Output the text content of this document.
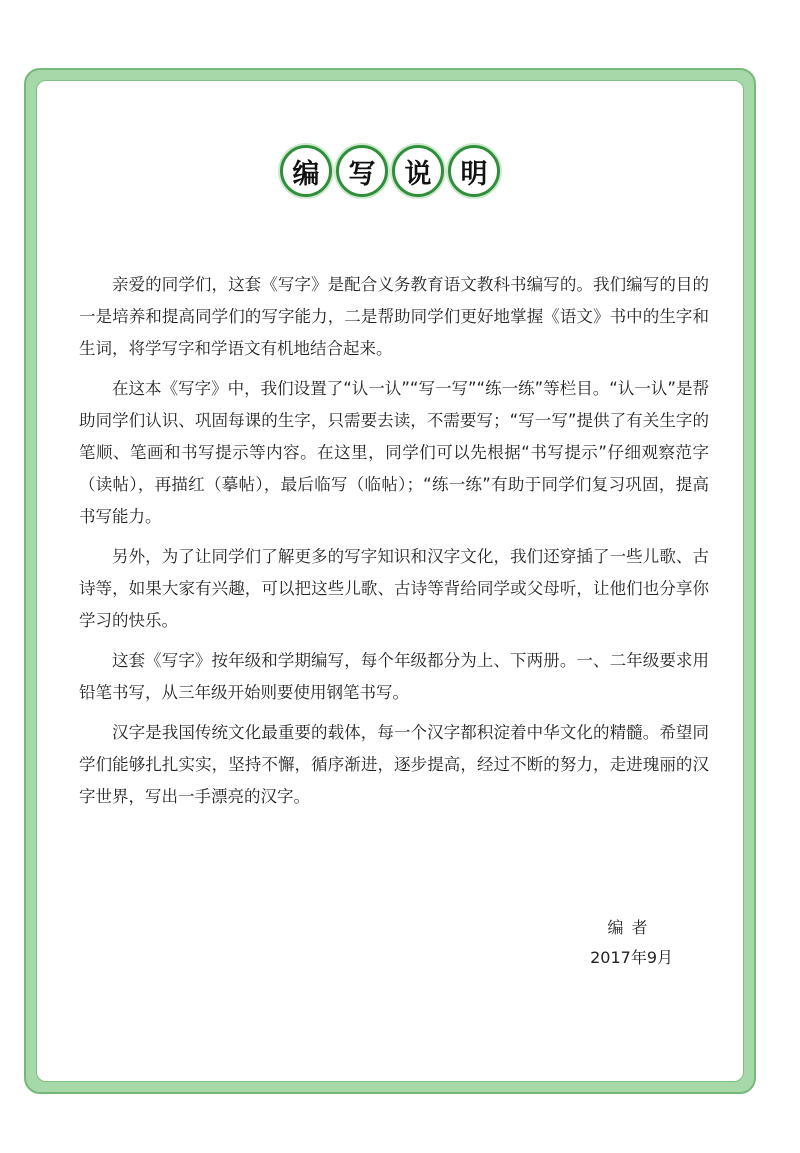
编	写	说	明

亲爱的同学们，这套《写字》是配合义务教育语文教科书编写的。我们编写的目的一是培养和提高同学们的写字能力，二是帮助同学们更好地掌握《语文》书中的生字和生词，将学写字和学语文有机地结合起来。

在这本《写字》中，我们设置了“认一认”“写一写”“练一练”等栏目。“认一认”是帮助同学们认识、巩固每课的生字，只需要去读，不需要写；“写一写”提供了有关生字的笔顺、笔画和书写提示等内容。在这里，同学们可以先根据“书写提示”仔细观察范字（读帖），再描红（摹帖），最后临写（临帖）；“练一练”有助于同学们复习巩固，提高书写能力。

另外，为了让同学们了解更多的写字知识和汉字文化，我们还穿插了一些儿歌、古诗等，如果大家有兴趣，可以把这些儿歌、古诗等背给同学或父母听，让他们也分享你学习的快乐。

这套《写字》按年级和学期编写，每个年级都分为上、下两册。一、二年级要求用铅笔书写，从三年级开始则要使用钢笔书写。

汉字是我国传统文化最重要的载体，每一个汉字都积淀着中华文化的精髓。希望同学们能够扎扎实实，坚持不懈，循序渐进，逐步提高，经过不断的努力，走进瑰丽的汉字世界，写出一手漂亮的汉字。

编者
2017年9月
